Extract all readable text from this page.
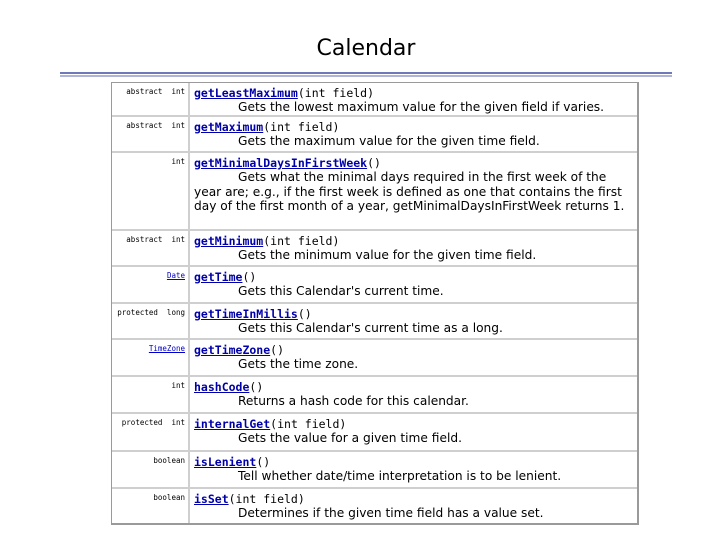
Calendar
abstract  int getLeastMaximum(int field)
Gets the lowest maximum value for the given field if varies.
abstract  int getMaximum(int field)
Gets the maximum value for the given time field.
int getMinimalDaysInFirstWeek()
Gets what the minimal days required in the first week of the year are; e.g., if the first week is defined as one that contains the first day of the first month of a year, getMinimalDaysInFirstWeek returns 1.
abstract  int getMinimum(int field)
Gets the minimum value for the given time field.
Date getTime()
Gets this Calendar's current time.
protected  long getTimeInMillis()
Gets this Calendar's current time as a long.
TimeZone getTimeZone()
Gets the time zone.
int hashCode()
Returns a hash code for this calendar.
protected  int internalGet(int field)
Gets the value for a given time field.
boolean isLenient()
Tell whether date/time interpretation is to be lenient.
boolean isSet(int field)
Determines if the given time field has a value set.
